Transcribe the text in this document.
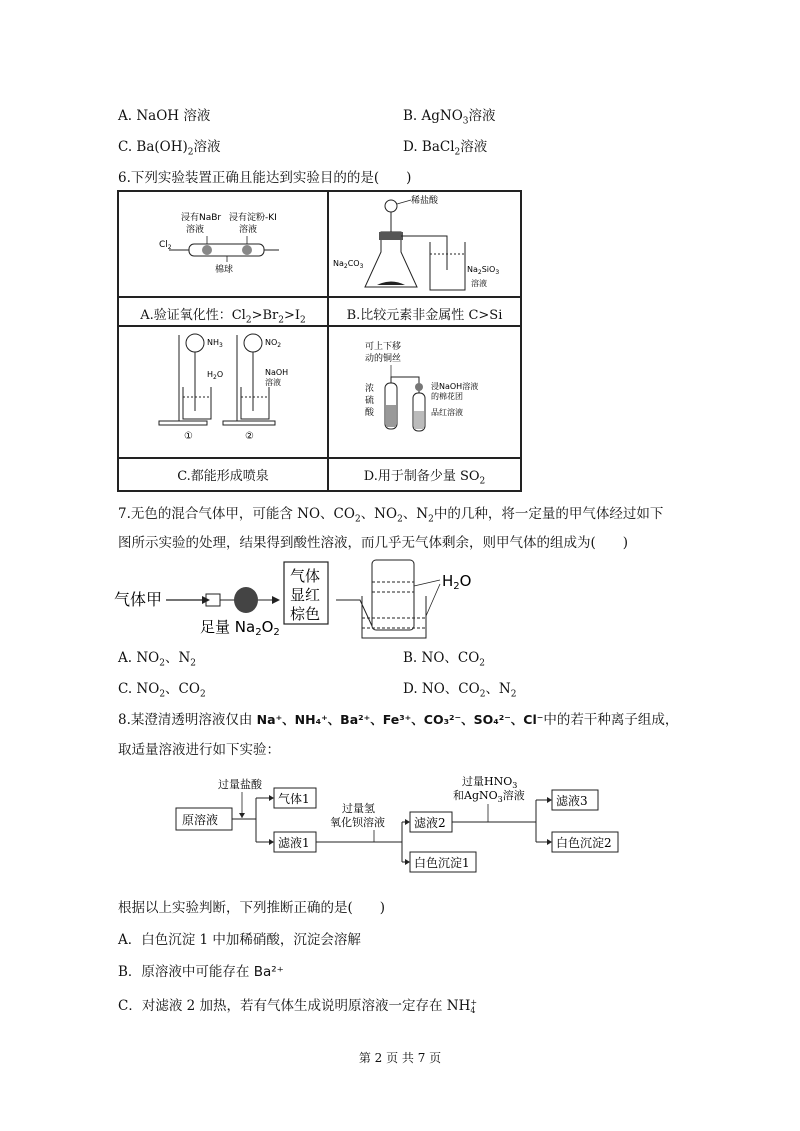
A. NaOH 溶液	B. AgNO$_3$溶液
C. $Ba(OH)_2$溶液	D. BaCl$_2$溶液
6.下列实验装置正确且能达到实验目的的是(　　)
浸有NaBr
溶液
浸有淀粉-KI
溶液
$Cl_2$
棉球
A.验证氧化性：$Cl_2>Br_2>I_2$
稀盐酸
$Na_2CO_3$	$Na_2SiO_3$
溶液
B.比较元素非金属性 C>Si
$NH_3$
$H_2O$
①
$NO_2$
NaOH
溶液
②
C.都能形成喷泉
可上下移
动的铜丝
浓
硫
酸
浸NaOH溶液
的棉花团
品红溶液
D.用于制备少量 $SO_2$
7.无色的混合气体甲，可能含 NO、$CO_2$、$NO_2$、$N_2$中的几种，将一定量的甲气体经过如下
图所示实验的处理，结果得到酸性溶液，而几乎无气体剩余，则甲气体的组成为(　　)
气体甲
足量 $Na_2O_2$
气体
显红
棕色
$H_2O$
A. $NO_2$、$N_2$	B. NO、$CO_2$
C. $NO_2$、$CO_2$	D. NO、$CO_2$、$N_2$
8.某澄清透明溶液仅由 Na⁺、NH₄⁺、Ba²⁺、Fe³⁺、CO₃²⁻、SO₄²⁻、Cl⁻中的若干种离子组成，
取适量溶液进行如下实验：
原溶液
过量盐酸
气体1
滤液1
过量氢
氧化钡溶液 滤液2
白色沉淀1
过量$HNO_3$
和AgNO$_3$溶液	滤液3
白色沉淀2
根据以上实验判断，下列推断正确的是(　　)
A．白色沉淀 1 中加稀硝酸，沉淀会溶解
B．原溶液中可能存在 Ba²⁺
C．对滤液 2 加热，若有气体生成说明原溶液一定存在 NH +
4
第 2 页 共 7 页
